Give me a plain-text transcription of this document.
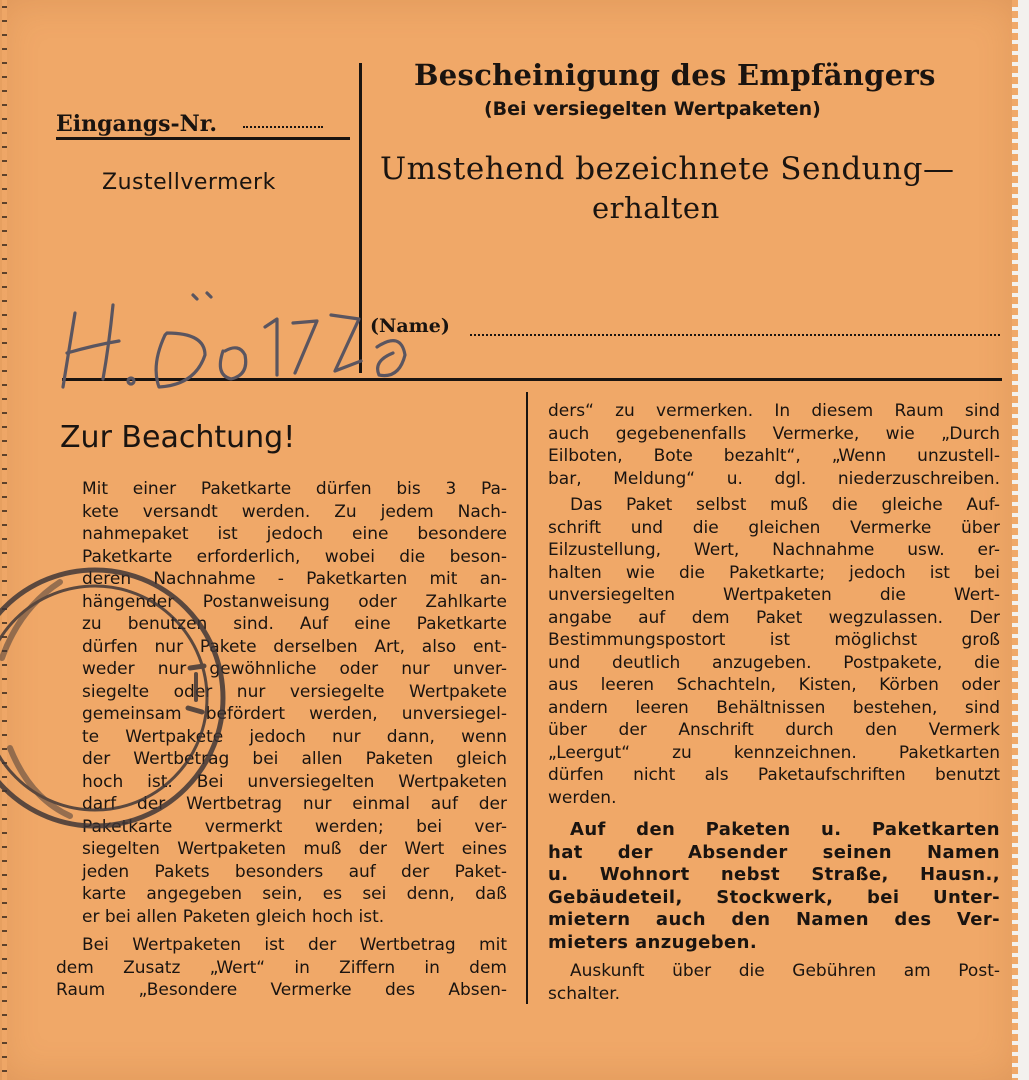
Eingangs-Nr.
Zustellvermerk
Bescheinigung des Empfängers
(Bei versiegelten Wertpaketen)
Umstehend bezeichnete Sendung—
erhalten
(Name)
Zur Beachtung!

Mit einer Paketkarte dürfen bis 3 Pa-
kete versandt werden. Zu jedem Nach-
nahmepaket ist jedoch eine besondere
Paketkarte erforderlich, wobei die beson-
deren Nachnahme - Paketkarten mit an-
hängender Postanweisung oder Zahlkarte
zu benutzen sind. Auf eine Paketkarte
dürfen nur Pakete derselben Art, also ent-
weder nur gewöhnliche oder nur unver-
siegelte oder nur versiegelte Wertpakete
gemeinsam befördert werden, unversiegel-
te Wertpakete jedoch nur dann, wenn
der Wertbetrag bei allen Paketen gleich
hoch ist. Bei unversiegelten Wertpaketen
darf der Wertbetrag nur einmal auf der
Paketkarte vermerkt werden; bei ver-
siegelten Wertpaketen muß der Wert eines
jeden Pakets besonders auf der Paket-
karte angegeben sein, es sei denn, daß
er bei allen Paketen gleich hoch ist.

Bei Wertpaketen ist der Wertbetrag mit
dem Zusatz „Wert“ in Ziffern in dem
Raum „Besondere Vermerke des Absen-

ders“ zu vermerken. In diesem Raum sind
auch gegebenenfalls Vermerke, wie „Durch
Eilboten, Bote bezahlt“, „Wenn unzustell-
bar, Meldung“ u. dgl. niederzuschreiben.

Das Paket selbst muß die gleiche Auf-
schrift und die gleichen Vermerke über
Eilzustellung, Wert, Nachnahme usw. er-
halten wie die Paketkarte; jedoch ist bei
unversiegelten Wertpaketen die Wert-
angabe auf dem Paket wegzulassen. Der
Bestimmungspostort ist möglichst groß
und deutlich anzugeben. Postpakete, die
aus leeren Schachteln, Kisten, Körben oder
andern leeren Behältnissen bestehen, sind
über der Anschrift durch den Vermerk
„Leergut“ zu kennzeichnen. Paketkarten
dürfen nicht als Paketaufschriften benutzt
werden.

Auf den Paketen u. Paketkarten
hat der Absender seinen Namen
u. Wohnort nebst Straße, Hausn.,
Gebäudeteil, Stockwerk, bei Unter-
mietern auch den Namen des Ver-
mieters anzugeben.

Auskunft über die Gebühren am Post-
schalter.
